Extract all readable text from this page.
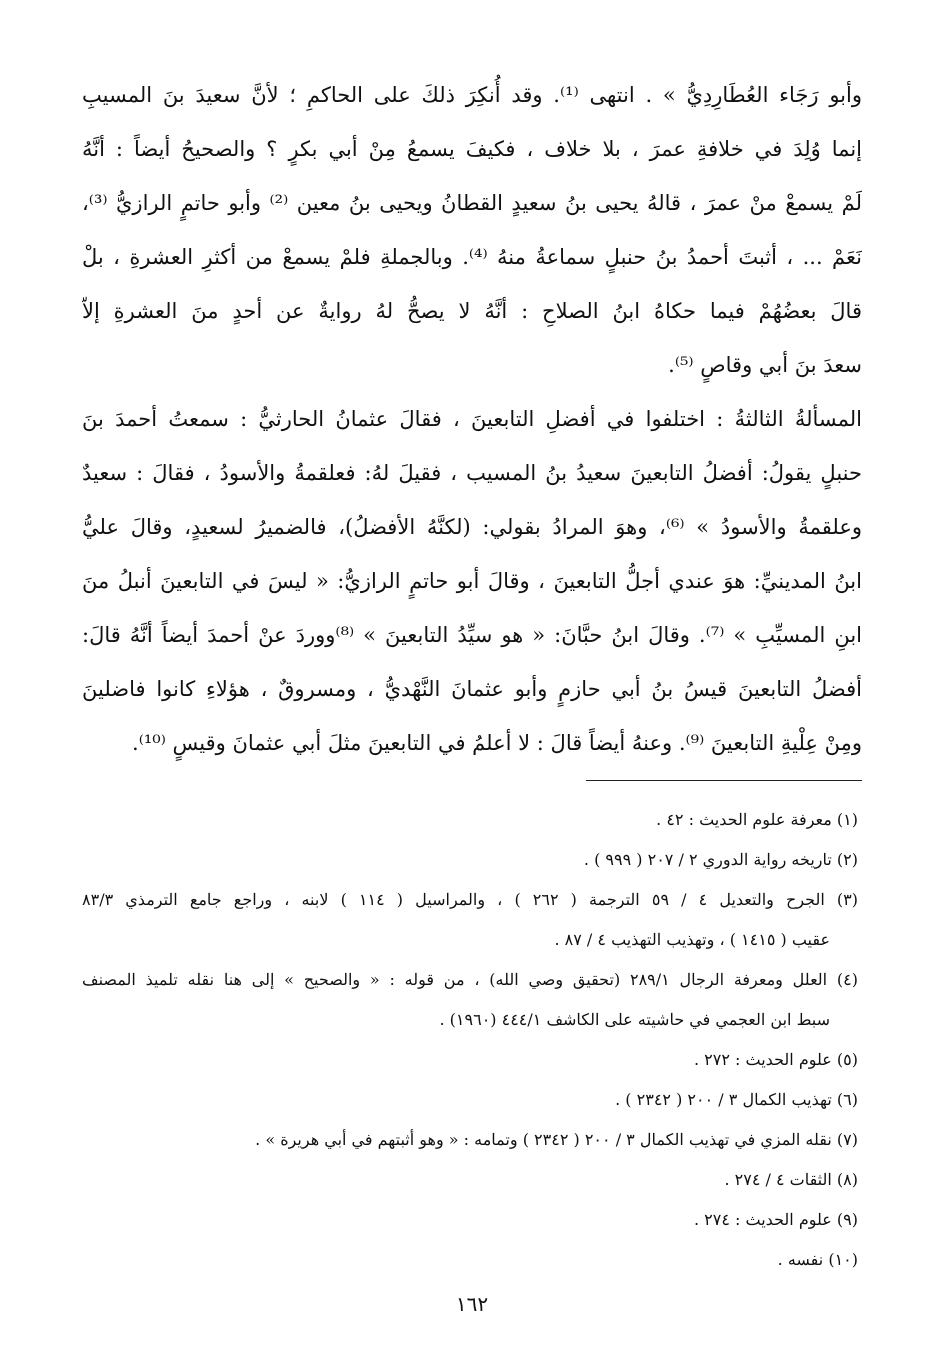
وأبو رَجَاء العُطَارِدِيُّ » . انتهى ⁽¹⁾. وقد أُنكِرَ ذلكَ على الحاكمِ ؛ لأنَّ سعيدَ بنَ المسيبِ
إنما وُلِدَ في خلافةِ عمرَ ، بلا خلاف ، فكيفَ يسمعُ مِنْ أبي بكرٍ ؟ والصحيحُ أيضاً : أنَّهُ
لَمْ يسمعْ منْ عمرَ ، قالهُ يحيى بنُ سعيدٍ القطانُ ويحيى بنُ معين ⁽²⁾ وأبو حاتمٍ الرازيُّ ⁽³⁾،
نَعَمْ ... ، أثبتَ أحمدُ بنُ حنبلٍ سماعةُ منهُ ⁽⁴⁾. وبالجملةِ فلمْ يسمعْ من أكثرِ العشرةِ ، بلْ
قالَ بعضُهُمْ فيما حكاهُ ابنُ الصلاحِ : أنَّهُ لا يصحُّ لهُ روايةٌ عن أحدٍ منَ العشرةِ إلاّ
سعدَ بنَ أبي وقاصٍ ⁽⁵⁾.
المسألةُ الثالثةُ : اختلفوا في أفضلِ التابعينَ ، فقالَ عثمانُ الحارثيُّ : سمعتُ أحمدَ بنَ
حنبلٍ يقولُ: أفضلُ التابعينَ سعيدُ بنُ المسيب ، فقيلَ لهُ: فعلقمةُ والأسودُ ، فقالَ : سعيدٌ
وعلقمةُ والأسودُ » ⁽⁶⁾، وهوَ المرادُ بقولي: (لكنَّهُ الأفضلُ)، فالضميرُ لسعيدٍ، وقالَ عليُّ
ابنُ المدينيِّ: هوَ عندي أجلُّ التابعينَ ، وقالَ أبو حاتمٍ الرازيُّ: « ليسَ في التابعينَ أنبلُ منَ
ابنِ المسيِّبِ » ⁽⁷⁾. وقالَ ابنُ حبَّانَ: « هو سيِّدُ التابعينَ » ⁽⁸⁾ووردَ عنْ أحمدَ أيضاً أنَّهُ قالَ:
أفضلُ التابعينَ قيسُ بنُ أبي حازمٍ وأبو عثمانَ النَّهْديُّ ، ومسروقٌ ، هؤلاءِ كانوا فاضلينَ
ومِنْ عِلْيةِ التابعينَ ⁽⁹⁾. وعنهُ أيضاً قالَ : لا أعلمُ في التابعينَ مثلَ أبي عثمانَ وقيسٍ ⁽¹⁰⁾.
(١) معرفة علوم الحديث : ٤٢ .
(٢) تاريخه رواية الدوري ٢ / ٢٠٧ ( ٩٩٩ ) .
(٣) الجرح والتعديل ٤ / ٥٩ الترجمة ( ٢٦٢ ) ، والمراسيل ( ١١٤ ) لابنه ، وراجع جامع الترمذي ٨٣/٣
عقيب ( ١٤١٥ ) ، وتهذيب التهذيب ٤ / ٨٧ .
(٤) العلل ومعرفة الرجال ٢٨٩/١ (تحقيق وصي الله) ، من قوله : « والصحيح » إلى هنا نقله تلميذ المصنف
سبط ابن العجمي في حاشيته على الكاشف ٤٤٤/١ (١٩٦٠) .
(٥) علوم الحديث : ٢٧٢ .
(٦) تهذيب الكمال ٣ / ٢٠٠ ( ٢٣٤٢ ) .
(٧) نقله المزي في تهذيب الكمال ٣ / ٢٠٠ ( ٢٣٤٢ ) وتمامه : « وهو أثبتهم في أبي هريرة » .
(٨) الثقات ٤ / ٢٧٤ .
(٩) علوم الحديث : ٢٧٤ .
(١٠) نفسه .
١٦٢
